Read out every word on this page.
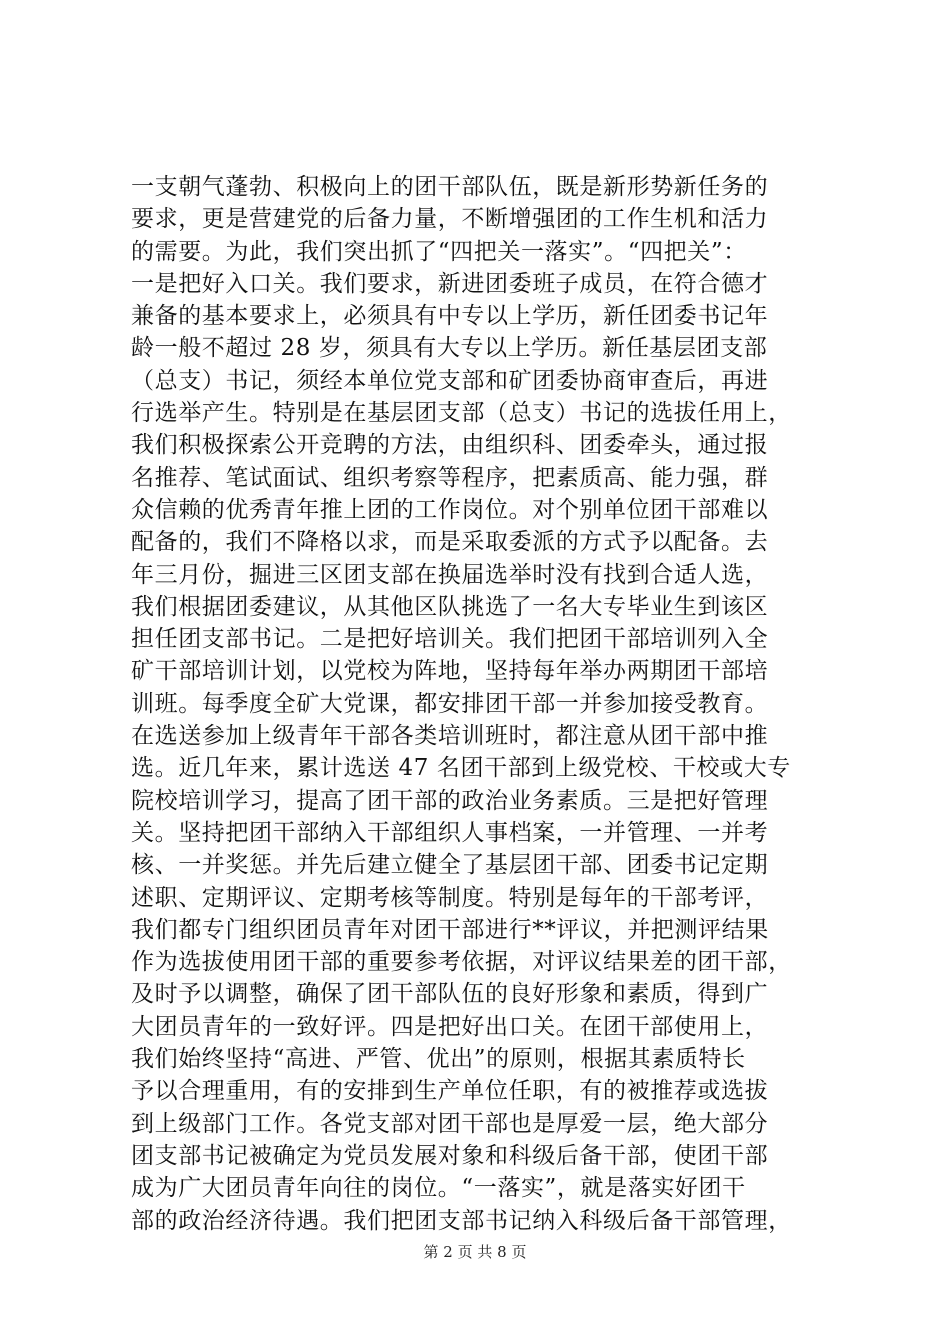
一支朝气蓬勃、积极向上的团干部队伍，既是新形势新任务的
要求，更是营建党的后备力量，不断增强团的工作生机和活力
的需要。为此，我们突出抓了“四把关一落实”。“四把关”：
一是把好入口关。我们要求，新进团委班子成员，在符合德才
兼备的基本要求上，必须具有中专以上学历，新任团委书记年
龄一般不超过 28 岁，须具有大专以上学历。新任基层团支部
（总支）书记，须经本单位党支部和矿团委协商审查后，再进
行选举产生。特别是在基层团支部（总支）书记的选拔任用上，
我们积极探索公开竞聘的方法，由组织科、团委牵头，通过报
名推荐、笔试面试、组织考察等程序，把素质高、能力强，群
众信赖的优秀青年推上团的工作岗位。对个别单位团干部难以
配备的，我们不降格以求，而是采取委派的方式予以配备。去
年三月份，掘进三区团支部在换届选举时没有找到合适人选，
我们根据团委建议，从其他区队挑选了一名大专毕业生到该区
担任团支部书记。二是把好培训关。我们把团干部培训列入全
矿干部培训计划，以党校为阵地，坚持每年举办两期团干部培
训班。每季度全矿大党课，都安排团干部一并参加接受教育。
在选送参加上级青年干部各类培训班时，都注意从团干部中推
选。近几年来，累计选送 47 名团干部到上级党校、干校或大专
院校培训学习，提高了团干部的政治业务素质。三是把好管理
关。坚持把团干部纳入干部组织人事档案，一并管理、一并考
核、一并奖惩。并先后建立健全了基层团干部、团委书记定期
述职、定期评议、定期考核等制度。特别是每年的干部考评，
我们都专门组织团员青年对团干部进行**评议，并把测评结果
作为选拔使用团干部的重要参考依据，对评议结果差的团干部，
及时予以调整，确保了团干部队伍的良好形象和素质，得到广
大团员青年的一致好评。四是把好出口关。在团干部使用上，
我们始终坚持“高进、严管、优出”的原则，根据其素质特长
予以合理重用，有的安排到生产单位任职，有的被推荐或选拔
到上级部门工作。各党支部对团干部也是厚爱一层，绝大部分
团支部书记被确定为党员发展对象和科级后备干部，使团干部
成为广大团员青年向往的岗位。“一落实”，就是落实好团干
部的政治经济待遇。我们把团支部书记纳入科级后备干部管理，
第 2 页 共 8 页
